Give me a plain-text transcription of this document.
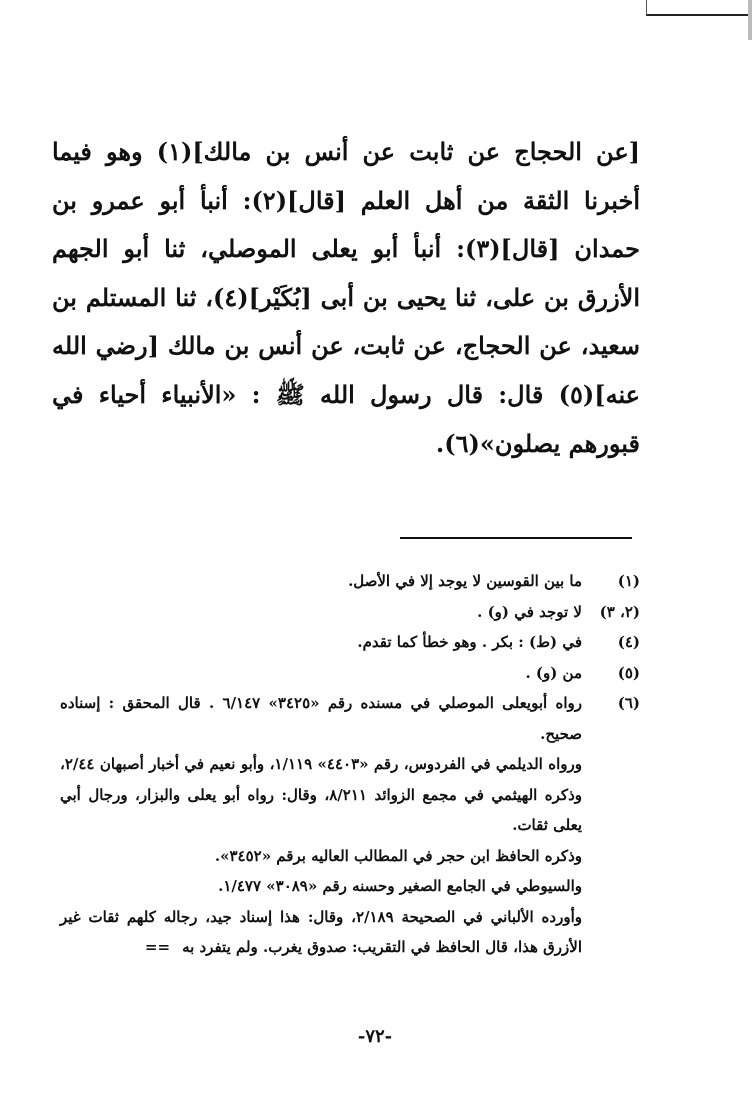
[عن الحجاج عن ثابت عن أنس بن مالك](١) وهو فيما أخبرنا الثقة من أهل العلم [قال](٢): أنبأ أبو عمرو بن حمدان [قال](٣): أنبأ أبو يعلى الموصلي، ثنا أبو الجهم الأزرق بن على، ثنا يحيى بن أبى [بُكَيْر](٤)، ثنا المستلم بن سعيد، عن الحجاج، عن ثابت، عن أنس بن مالك [رضي الله عنه](٥) قال: قال رسول الله ﷺ : «الأنبياء أحياء في قبورهم يصلون»(٦).

(١)
ما بين القوسين لا يوجد إلا في الأصل.
(٢، ٣)
لا توجد في (و) .
(٤)
في (ط) : بكر . وهو خطأ كما تقدم.
(٥)
من (و) .
(٦)
رواه أبويعلى الموصلي في مسنده رقم «٣٤٢٥» ٦/١٤٧ . قال المحقق : إسناده صحيح.
ورواه الديلمي في الفردوس، رقم «٤٤٠٣» ١/١١٩، وأبو نعيم في أخبار أصبهان ٢/٤٤، وذكره الهيثمي في مجمع الزوائد ٨/٢١١، وقال: رواه أبو يعلى والبزار، ورجال أبي يعلى ثقات.
وذكره الحافظ ابن حجر في المطالب العاليه برقم «٣٤٥٢».
والسيوطي في الجامع الصغير وحسنه رقم «٣٠٨٩» ١/٤٧٧.
وأورده الألباني في الصحيحة ٢/١٨٩، وقال: هذا إسناد جيد، رجاله كلهم ثقات غير الأزرق هذا، قال الحافظ في التقريب: صدوق يغرب. ولم يتفرد به==
-٧٢-
